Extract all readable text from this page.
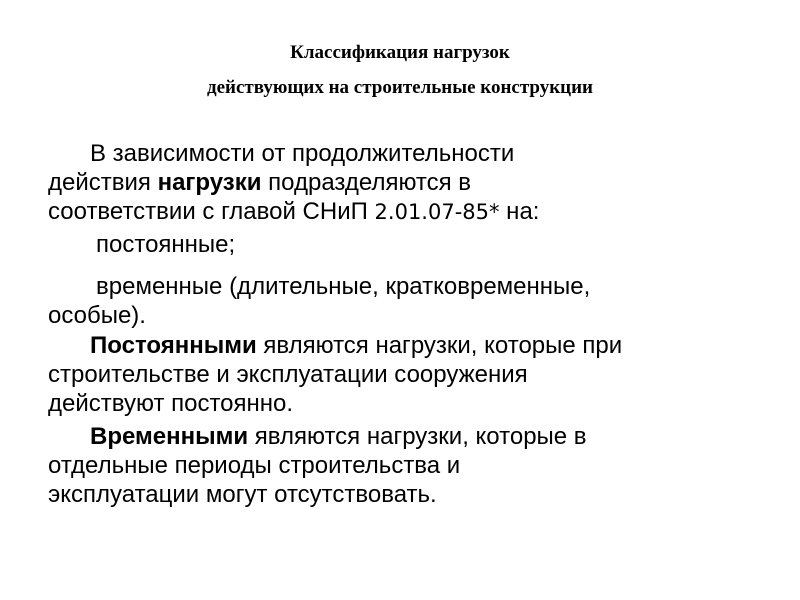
Классификация нагрузок
действующих на строительные конструкции
В зависимости от продолжительности
действия нагрузки подразделяются в
соответствии с главой СНиП 2.01.07-85* на:
постоянные;
временные (длительные, кратковременные,
особые).
Постоянными являются нагрузки, которые при
строительстве и эксплуатации сооружения
действуют постоянно.
Временными являются нагрузки, которые в
отдельные периоды строительства и
эксплуатации могут отсутствовать.
